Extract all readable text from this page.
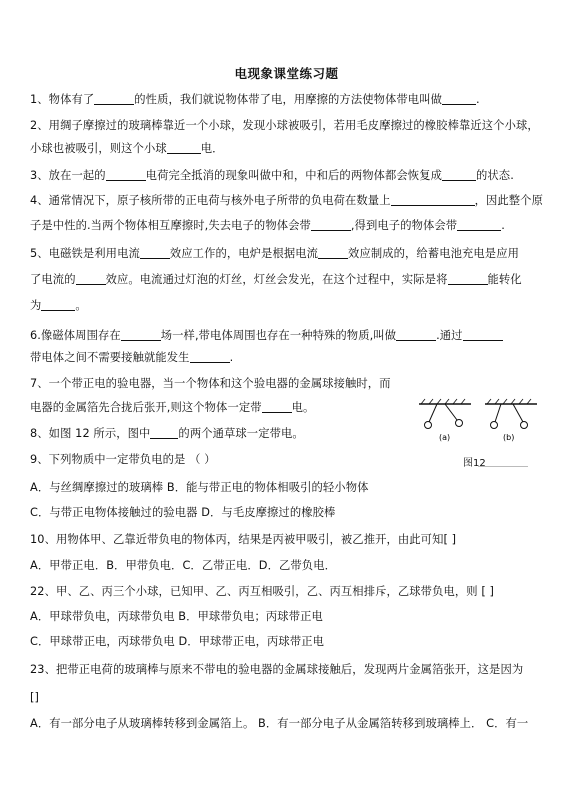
电现象课堂练习题
1、物体有了	的性质，我们就说物体带了电，用摩擦的方法使物体带电叫做	.
2、用绸子摩擦过的玻璃棒靠近一个小球，发现小球被吸引，若用毛皮摩擦过的橡胶棒靠近这个小球，
小球也被吸引，则这个小球	电．
3、放在一起的	电荷完全抵消的现象叫做中和，中和后的两物体都会恢复成	的状态.
4、通常情况下，原子核所带的正电荷与核外电子所带的负电荷在数量上	，因此整个原
子是中性的.当两个物体相互摩擦时,失去电子的物体会带	,得到电子的物体会带	.
5、电磁铁是利用电流	效应工作的，电炉是根据电流	效应制成的，给蓄电池充电是应用
了电流的	效应。电流通过灯泡的灯丝，灯丝会发光，在这个过程中，实际是将	能转化
为	。
6.像磁体周围存在	场一样,带电体周围也存在一种特殊的物质,叫做	.通过
带电体之间不需要接触就能发生	.
7、一个带正电的验电器，当一个物体和这个验电器的金属球接触时，而
电器的金属箔先合拢后张开,则这个物体一定带	电。
8、如图 12 所示，图中 的两个通草球一定带电。
9、下列物质中一定带负电的是 （ ）
A．与丝绸摩擦过的玻璃棒 B．能与带正电的物体相吸引的轻小物体
C．与带正电物体接触过的验电器 D．与毛皮摩擦过的橡胶棒
10、用物体甲、乙靠近带负电的物体丙，结果是丙被甲吸引，被乙推开，由此可知[ ]
A．甲带正电．B．甲带负电．C．乙带正电．D．乙带负电．
22、甲、乙、丙三个小球，已知甲、乙、丙互相吸引，乙、丙互相排斥，乙球带负电，则 [ ]
A．甲球带负电，丙球带负电 B．甲球带负电；丙球带正电
C．甲球带正电，丙球带负电 D．甲球带正电，丙球带正电
23、把带正电荷的玻璃棒与原来不带电的验电器的金属球接触后，发现两片金属箔张开，这是因为
[]
A．有一部分电子从玻璃棒转移到金属箔上。 B．有一部分电子从金属箔转移到玻璃棒上． C．有一
(a)	(b)
图12
